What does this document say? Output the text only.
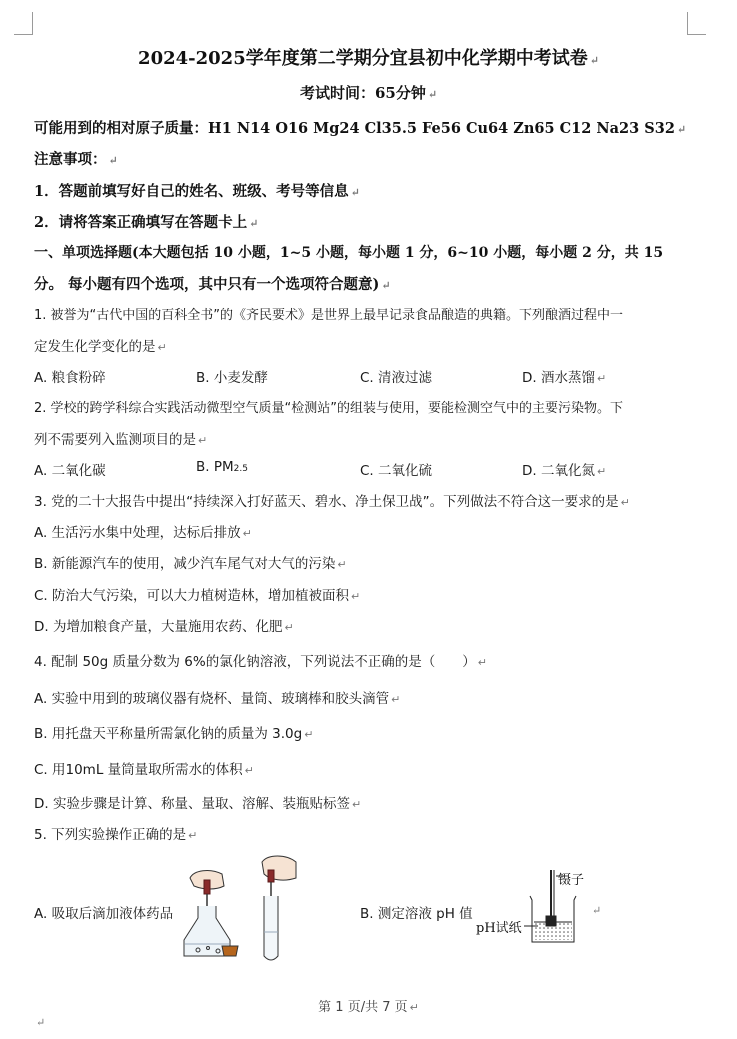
2024-2025学年度第二学期分宜县初中化学期中考试卷 ↵
考试时间：65分钟 ↵
可能用到的相对原子质量：H1 N14 O16 Mg24 Cl35.5 Fe56 Cu64 Zn65 C12 Na23 S32 ↵
注意事项： ↵
1．答题前填写好自己的姓名、班级、考号等信息 ↵
2．请将答案正确填写在答题卡上 ↵
一、单项选择题(本大题包括 10 小题，1~5 小题，每小题 1 分，6~10 小题，每小题 2 分，共 15
分。 每小题有四个选项，其中只有一个选项符合题意) ↵
1. 被誉为“古代中国的百科全书”的《齐民要术》是世界上最早记录食品酿造的典籍。下列酿酒过程中一
定发生化学变化的是 ↵
A. 粮食粉碎	B. 小麦发酵	C. 清液过滤	D. 酒水蒸馏 ↵
2. 学校的跨学科综合实践活动微型空气质量“检测站”的组装与使用，要能检测空气中的主要污染物。下
列不需要列入监测项目的是 ↵
A. 二氧化碳	B. PM2.5	C. 二氧化硫	D. 二氧化氮 ↵
3. 党的二十大报告中提出“持续深入打好蓝天、碧水、净土保卫战”。下列做法不符合这一要求的是 ↵
A. 生活污水集中处理，达标后排放 ↵
B. 新能源汽车的使用，减少汽车尾气对大气的污染 ↵
C. 防治大气污染，可以大力植树造林，增加植被面积 ↵
D. 为增加粮食产量，大量施用农药、化肥 ↵
4. 配制 50g 质量分数为 6%的氯化钠溶液，下列说法不正确的是（　　） ↵
A. 实验中用到的玻璃仪器有烧杯、量筒、玻璃棒和胶头滴管 ↵
B. 用托盘天平称量所需氯化钠的质量为 3.0g ↵
C. 用10mL 量筒量取所需水的体积 ↵
D. 实验步骤是计算、称量、量取、溶解、装瓶贴标签 ↵
5. 下列实验操作正确的是 ↵
A. 吸取后滴加液体药品	B. 测定溶液 pH 值
镊子
pH试纸
↵
第 1 页/共 7 页 ↵
↵
